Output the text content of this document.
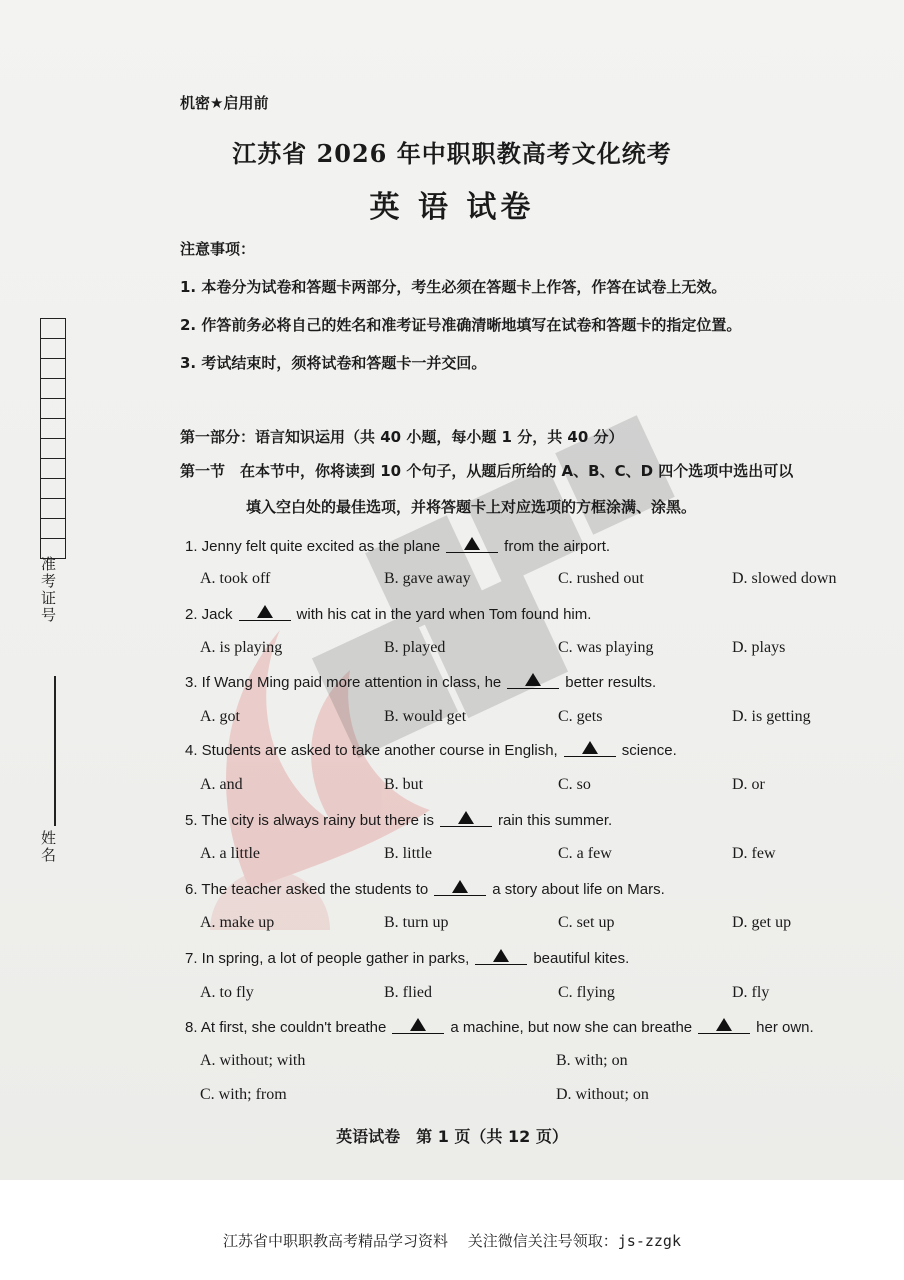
准考证号
姓名
机密★启用前
江苏省 2026 年中职职教高考文化统考
英 语 试卷
注意事项：
1. 本卷分为试卷和答题卡两部分，考生必须在答题卡上作答，作答在试卷上无效。
2. 作答前务必将自己的姓名和准考证号准确清晰地填写在试卷和答题卡的指定位置。
3. 考试结束时，须将试卷和答题卡一并交回。
第一部分：语言知识运用（共 40 小题，每小题 1 分，共 40 分）
第一节　在本节中，你将读到 10 个句子，从题后所给的 A、B、C、D 四个选项中选出可以
填入空白处的最佳选项，并将答题卡上对应选项的方框涂满、涂黑。
1. Jenny felt quite excited as the plane	from the airport.
A. took off	B. gave away	C. rushed out	D. slowed down
2. Jack	with his cat in the yard when Tom found him.
A. is playing	B. played	C. was playing	D. plays
3. If Wang Ming paid more attention in class, he	better results.
A. got	B. would get	C. gets	D. is getting
4. Students are asked to take another course in English,	science.
A. and	B. but	C. so	D. or
5. The city is always rainy but there is	rain this summer.
A. a little	B. little	C. a few	D. few
6. The teacher asked the students to	a story about life on Mars.
A. make up	B. turn up	C. set up	D. get up
7. In spring, a lot of people gather in parks,	beautiful kites.
A. to fly	B. flied	C. flying	D. fly
8. At first, she couldn't breathe	a machine, but now she can breathe	her own.
A. without; with	B. with; on
C. with; from	D. without; on
英语试卷　第 1 页（共 12 页）
江苏省中职职教高考精品学习资料　 关注微信关注号领取：js-zzgk
